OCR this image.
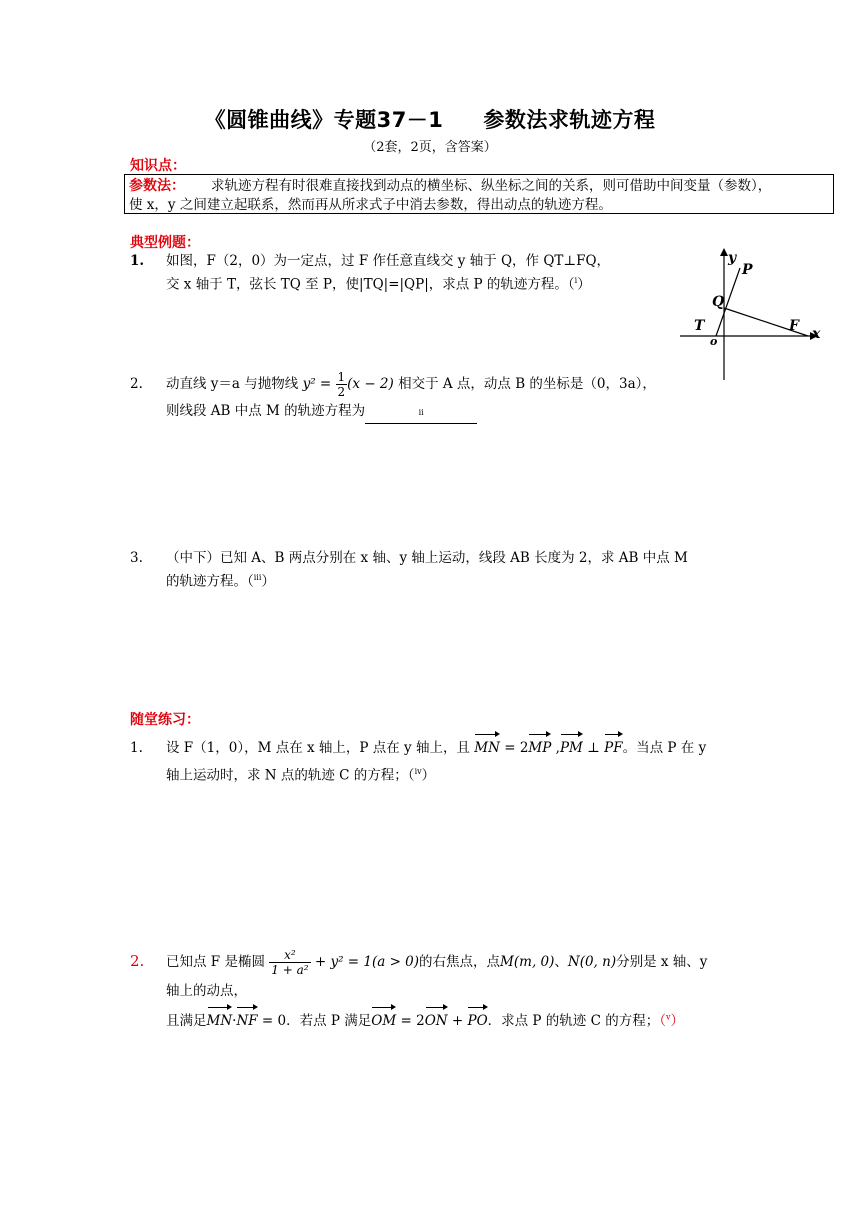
《圆锥曲线》专题37－1 参数法求轨迹方程
（2套，2页，含答案）
知识点：
参数法： 求轨迹方程有时很难直接找到动点的横坐标、纵坐标之间的关系，则可借助中间变量（参数），
使 x，y 之间建立起联系，然而再从所求式子中消去参数，得出动点的轨迹方程。
典型例题：
1. 如图，F（2，0）为一定点，过 F 作任意直线交 y 轴于 Q，作 QT⊥FQ，
交 x 轴于 T，弦长 TQ 至 P，使|TQ|=|QP|，求点 P 的轨迹方程。（$^i$）
y
P
Q
T	F x
o
2. 动直线 y＝a 与抛物线 $y^2 = \frac{1}{2} (x - 2)$ 相交于 A 点，动点 B 的坐标是（0，3a），
则线段 AB 中点 M 的轨迹方程为	ii
3. （中下）已知 A、B 两点分别在 x 轴、y 轴上运动，线段 AB 长度为 2，求 AB 中点 M
的轨迹方程。（$^{iii}$）
随堂练习：
1. 设 F（1，0），M 点在 x 轴上，P 点在 y 轴上，且 MN = 2MP ,PM ⊥ PF。当点 P 在 y
轴上运动时，求 N 点的轨迹 C 的方程；（$^{iv}$）
2. 已知点 F 是椭圆 $\frac{\text{x²}}{\text{1 + a²}} + y^2 = 1(a > 0)$的右焦点，点M(m, 0)、N(0, n)分别是 x 轴、y
轴上的动点，
且满足MN·NF = 0．若点 P 满足OM = 2ON + PO．求点 P 的轨迹 C 的方程；（$^v$）
